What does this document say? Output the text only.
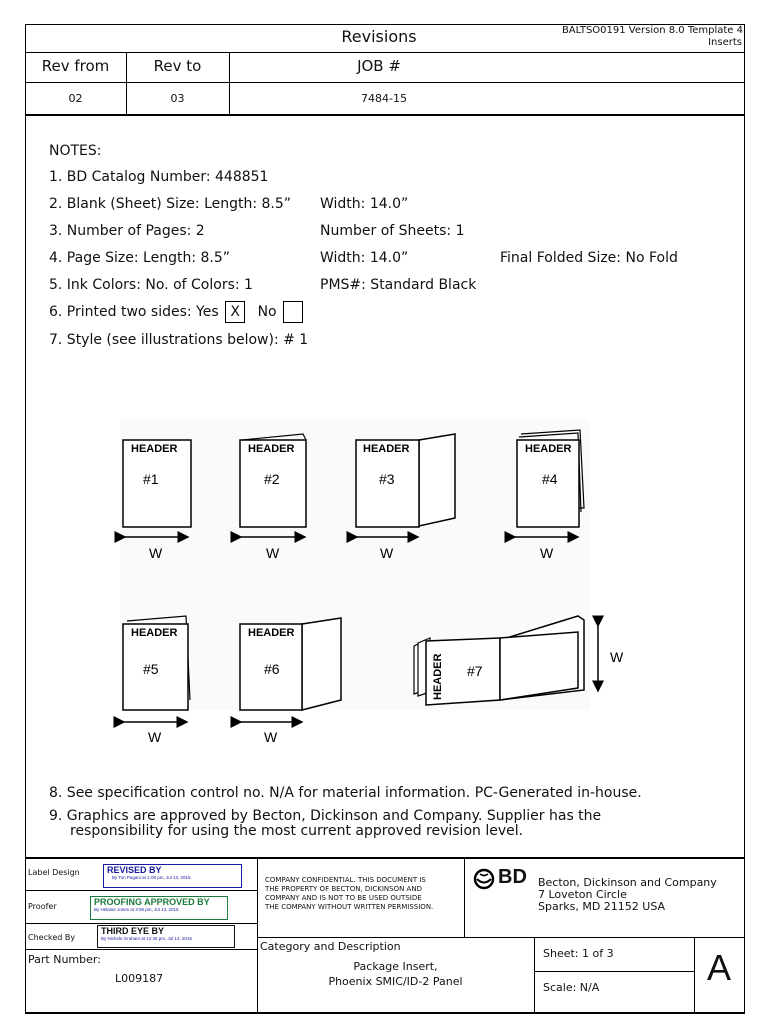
Revisions	BALTSO0191 Version 8.0 Template 4
Inserts
Rev from	Rev to	JOB #
02	03	7484-15
NOTES:
1. BD Catalog Number: 448851
2. Blank (Sheet) Size: Length: 8.5” Width: 14.0”
3. Number of Pages: 2	Number of Sheets: 1
4. Page Size: Length: 8.5”	Width: 14.0”	Final Folded Size: No Fold
5. Ink Colors: No. of Colors: 1	PMS#: Standard Black
6. Printed two sides: Yes X No
7. Style (see illustrations below): # 1
HEADER
#1
W
HEADER
#2
W
HEADER
#3
W
HEADER
#4
W
HEADER
#5
W
HEADER
#6
W
HEADER #7
W
8. See specification control no. N/A for material information. PC-Generated in-house.
9. Graphics are approved by Becton, Dickinson and Company. Supplier has the
responsibility for using the most current approved revision level.
Label Design	REVISED BY
By Tori Pagani at 1:09 pm, Jul 13, 2015
Proofer	PROOFING APPROVED BY
By Helaine Jones at 3:06 pm, Jul 13, 2015
Checked By
THIRD EYE BY
By Nichole Graham at 12:36 pm, Jul 14, 2015
Part Number:
L009187
COMPANY CONFIDENTIAL. THIS DOCUMENT IS
THE PROPERTY OF BECTON, DICKINSON AND
COMPANY AND IS NOT TO BE USED OUTSIDE
THE COMPANY WITHOUT WRITTEN PERMISSION.
BD Becton, Dickinson and Company
7 Loveton Circle
Sparks, MD 21152 USA
Category and Description
Package Insert,
Phoenix SMIC/ID-2 Panel
Sheet: 1 of 3
Scale: N/A	A
